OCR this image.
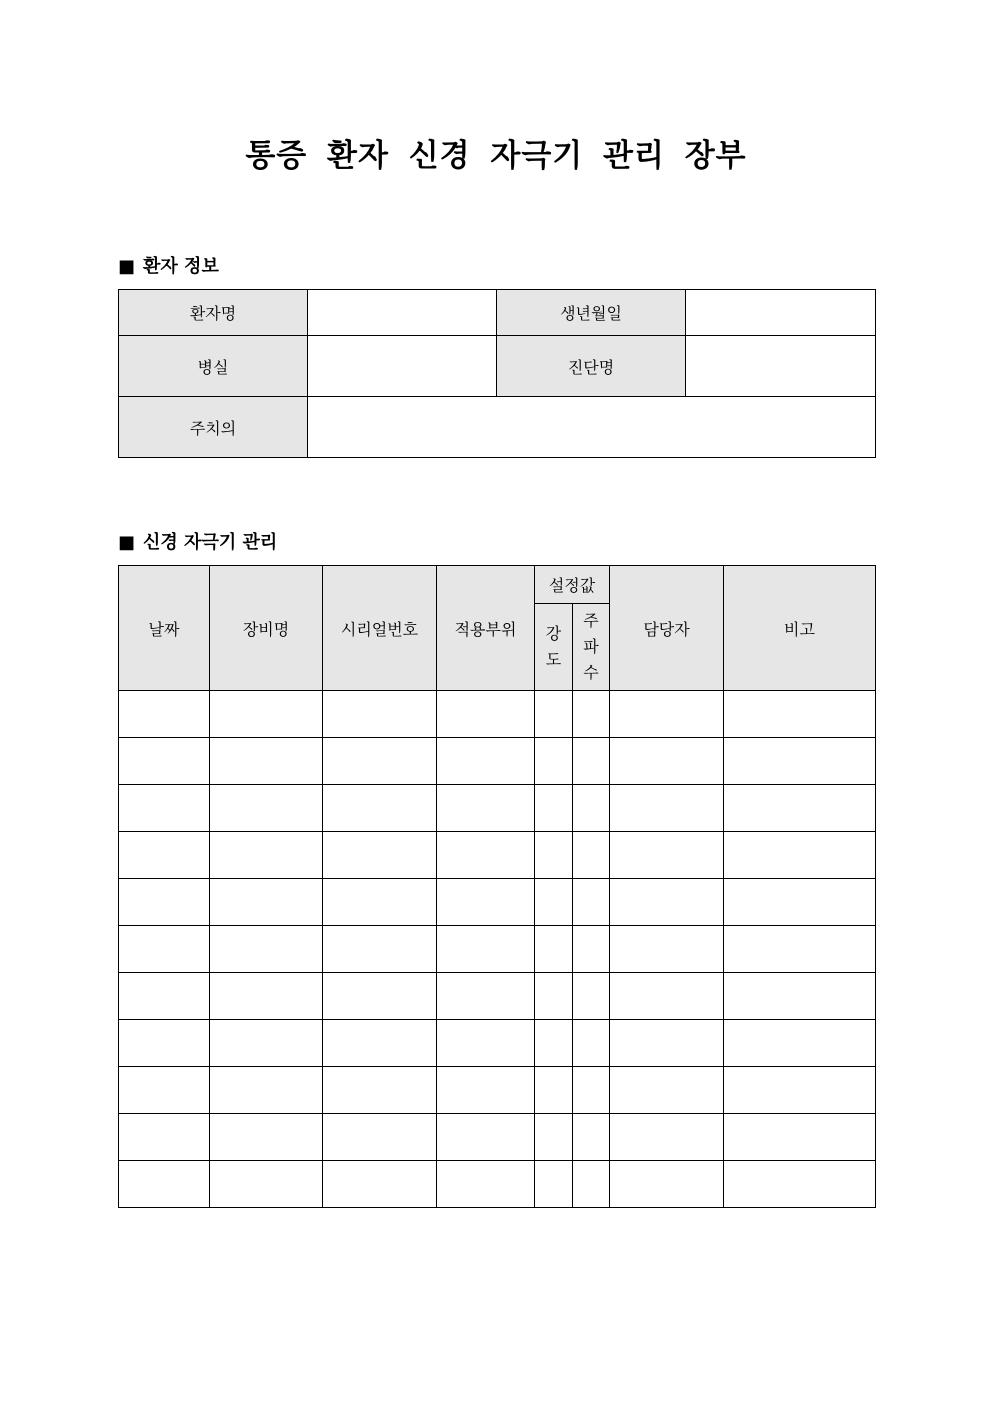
통증 환자 신경 자극기 관리 장부
■ 환자 정보
환자명		생년월일	
병실		진단명	
주치의			
■ 신경 자극기 관리
날짜	장비명	시리얼번호	적용부위	설정값		담당자	비고
				강도	주파수		
